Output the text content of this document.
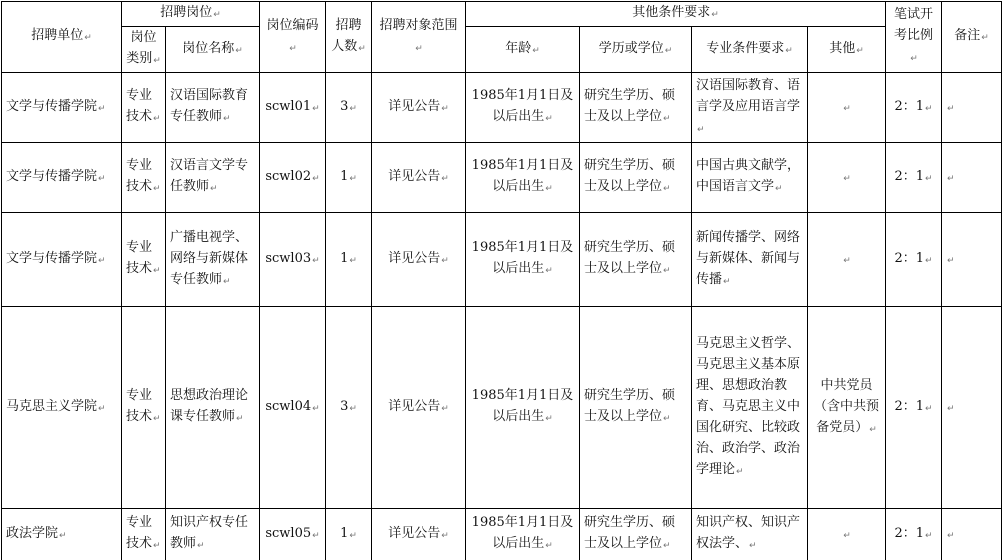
招聘单位↵	招聘岗位↵		岗位编码↵	招聘人数↵	招聘对象范围↵	其他条件要求↵				笔试开考比例↵	备注↵
	岗位类别↵	岗位名称↵				年龄↵	学历或学位↵	专业条件要求↵	其他↵		
文学与传播学院↵	专业技术↵	汉语国际教育专任教师↵	scwl01↵	3↵	详见公告↵	1985年1月1日及以后出生↵	研究生学历、硕士及以上学位↵	汉语国际教育、语言学及应用语言学↵	↵	2：1↵	↵
文学与传播学院↵	专业技术↵	汉语言文学专任教师↵	scwl02↵	1↵	详见公告↵	1985年1月1日及以后出生↵	研究生学历、硕士及以上学位↵	中国古典文献学，中国语言文学↵	↵	2：1↵	↵
文学与传播学院↵	专业技术↵	广播电视学、网络与新媒体专任教师↵	scwl03↵	1↵	详见公告↵	1985年1月1日及以后出生↵	研究生学历、硕士及以上学位↵	新闻传播学、网络与新媒体、新闻与传播↵	↵	2：1↵	↵
马克思主义学院↵	专业技术↵	思想政治理论课专任教师↵	scwl04↵	3↵	详见公告↵	1985年1月1日及以后出生↵	研究生学历、硕士及以上学位↵	马克思主义哲学、马克思主义基本原理、思想政治教育、马克思主义中国化研究、比较政治、政治学、政治学理论↵	中共党员（含中共预备党员）↵	2：1↵	↵
政法学院↵	专业技术↵	知识产权专任教师↵	scwl05↵	1↵	详见公告↵	1985年1月1日及以后出生↵	研究生学历、硕士及以上学位↵	知识产权、知识产权法学、↵	↵	2：1↵	↵
